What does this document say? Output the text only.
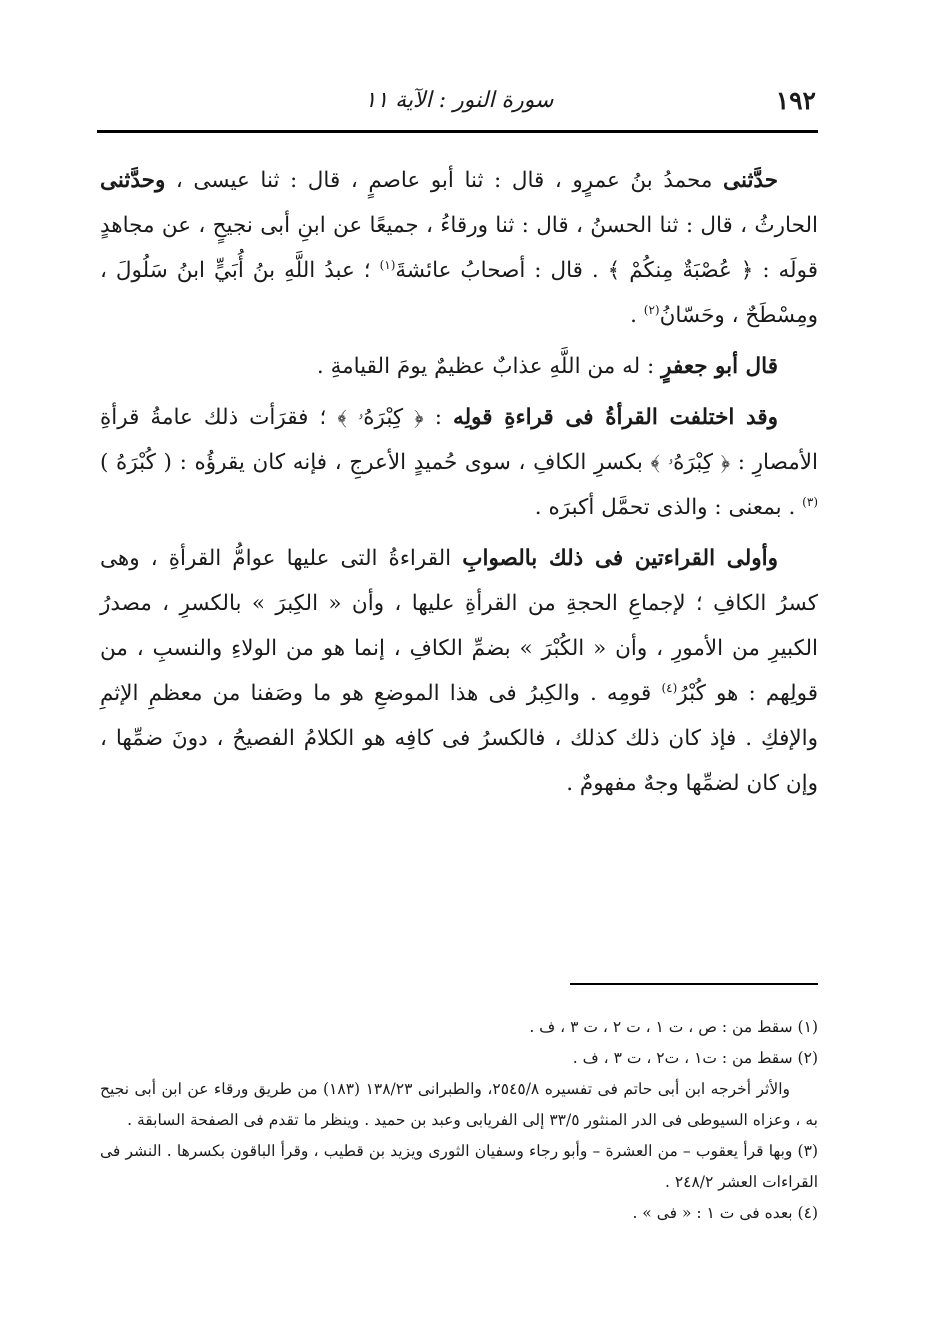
١٩٢
سورة النور : الآية ١١

حدَّثنى محمدُ بنُ عمرٍو ، قال : ثنا أبو عاصمٍ ، قال : ثنا عيسى ، وحدَّثنى الحارثُ ، قال : ثنا الحسنُ ، قال : ثنا ورقاءُ ، جميعًا عن ابنِ أبى نجيحٍ ، عن مجاهدٍ قولَه : ﴿ عُصْبَةٌ مِنكُمْ ﴾ . قال : أصحابُ عائشةَ$^{(١)}$ ؛ عبدُ اللَّهِ بنُ أُبَيٍّ ابنُ سَلُولَ ، ومِسْطَحٌ ، وحَسّانُ$^{(٢)}$ .

قال أبو جعفرٍ : له من اللَّهِ عذابٌ عظيمٌ يومَ القيامةِ .

وقد اختلفت القرأةُ فى قراءةِ قولِه : ﴿ كِبْرَهُۥ ﴾ ؛ فقرَأت ذلك عامةُ قرأةِ الأمصارِ : ﴿ كِبْرَهُۥ ﴾ بكسرِ الكافِ ، سوى حُميدٍ الأعرجِ ، فإنه كان يقرؤُه : ( كُبْرَهُ )$^{(٣)}$ . بمعنى : والذى تحمَّل أكبرَه .

وأولى القراءتين فى ذلك بالصوابِ القراءةُ التى عليها عوامُّ القرأةِ ، وهى كسرُ الكافِ ؛ لإجماعِ الحجةِ من القرأةِ عليها ، وأن « الكِبرَ » بالكسرِ ، مصدرُ الكبيرِ من الأمورِ ، وأن « الكُبْرَ » بضمِّ الكافِ ، إنما هو من الولاءِ والنسبِ ، من قولِهم : هو كُبْرُ$^{(٤)}$ قومِه . والكِبرُ فى هذا الموضعِ هو ما وصَفنا من معظمِ الإثمِ والإفكِ . فإذ كان ذلك كذلك ، فالكسرُ فى كافِه هو الكلامُ الفصيحُ ، دونَ ضمِّها ، وإن كان لضمِّها وجهٌ مفهومٌ .

(١) سقط من : ص ، ت ١ ، ت ٢ ، ت ٣ ، ف .

(٢) سقط من : ت١ ، ت٢ ، ت ٣ ، ف .

والأثر أخرجه ابن أبى حاتم فى تفسيره ٢٥٤٥/٨، والطبرانى ١٣٨/٢٣ (١٨٣) من طريق ورقاء عن ابن أبى نجيح به ، وعزاه السيوطى فى الدر المنثور ٣٣/٥ إلى الفريابى وعبد بن حميد . وينظر ما تقدم فى الصفحة السابقة .

(٣) وبها قرأ يعقوب – من العشرة – وأبو رجاء وسفيان الثورى ويزيد بن قطيب ، وقرأ الباقون بكسرها . النشر فى القراءات العشر ٢٤٨/٢ .

(٤) بعده فى ت ١ : « فى » .
